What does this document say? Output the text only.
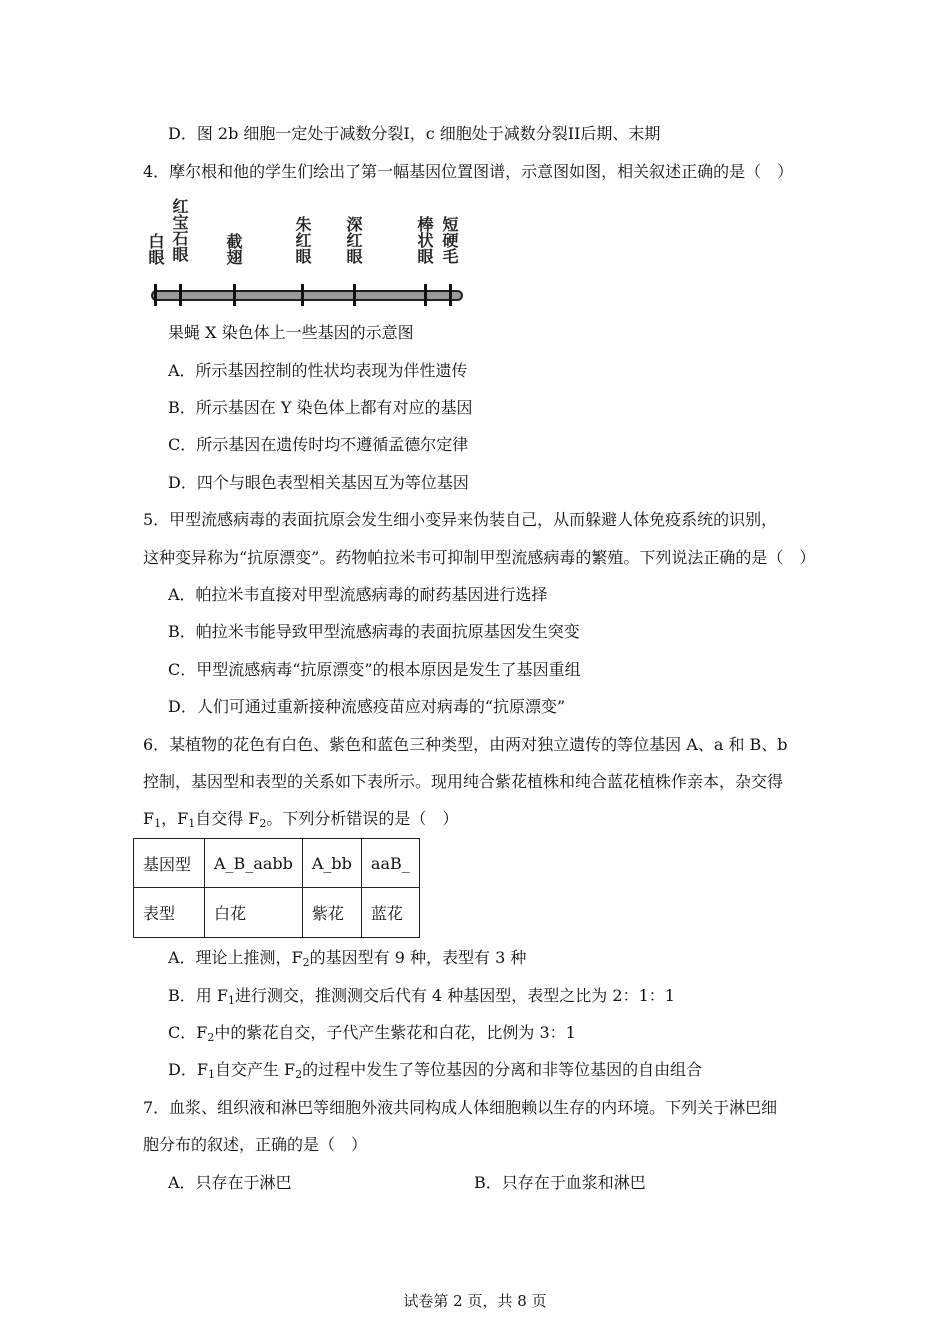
D．图 2b 细胞一定处于减数分裂I，c 细胞处于减数分裂II后期、末期
4．摩尔根和他的学生们绘出了第一幅基因位置图谱，示意图如图，相关叙述正确的是（　）
白眼 红宝石眼 截翅	朱红眼 深红眼	棒状眼 短硬毛
果蝇 X 染色体上一些基因的示意图
A．所示基因控制的性状均表现为伴性遗传
B．所示基因在 Y 染色体上都有对应的基因
C．所示基因在遗传时均不遵循孟德尔定律
D．四个与眼色表型相关基因互为等位基因
5．甲型流感病毒的表面抗原会发生细小变异来伪装自己，从而躲避人体免疫系统的识别，
这种变异称为“抗原漂变”。药物帕拉米韦可抑制甲型流感病毒的繁殖。下列说法正确的是（　）
A．帕拉米韦直接对甲型流感病毒的耐药基因进行选择
B．帕拉米韦能导致甲型流感病毒的表面抗原基因发生突变
C．甲型流感病毒“抗原漂变”的根本原因是发生了基因重组
D．人们可通过重新接种流感疫苗应对病毒的“抗原漂变”
6．某植物的花色有白色、紫色和蓝色三种类型，由两对独立遗传的等位基因 A、a 和 B、b
控制，基因型和表型的关系如下表所示。现用纯合紫花植株和纯合蓝花植株作亲本，杂交得
$F_1$，$F_1$自交得 $F_2$。下列分析错误的是（　）
基因型	A_B_aabb	A_bb	aaB_
表型	白花	紫花	蓝花
A．理论上推测，$F_2$的基因型有 9 种，表型有 3 种
B．用 $F_1$进行测交，推测测交后代有 4 种基因型，表型之比为 2：1：1
C．$F_2$中的紫花自交，子代产生紫花和白花，比例为 3：1
D．$F_1$自交产生 $F_2$的过程中发生了等位基因的分离和非等位基因的自由组合
7．血浆、组织液和淋巴等细胞外液共同构成人体细胞赖以生存的内环境。下列关于淋巴细
胞分布的叙述，正确的是（　）
A．只存在于淋巴	B．只存在于血浆和淋巴
试卷第 2 页，共 8 页
